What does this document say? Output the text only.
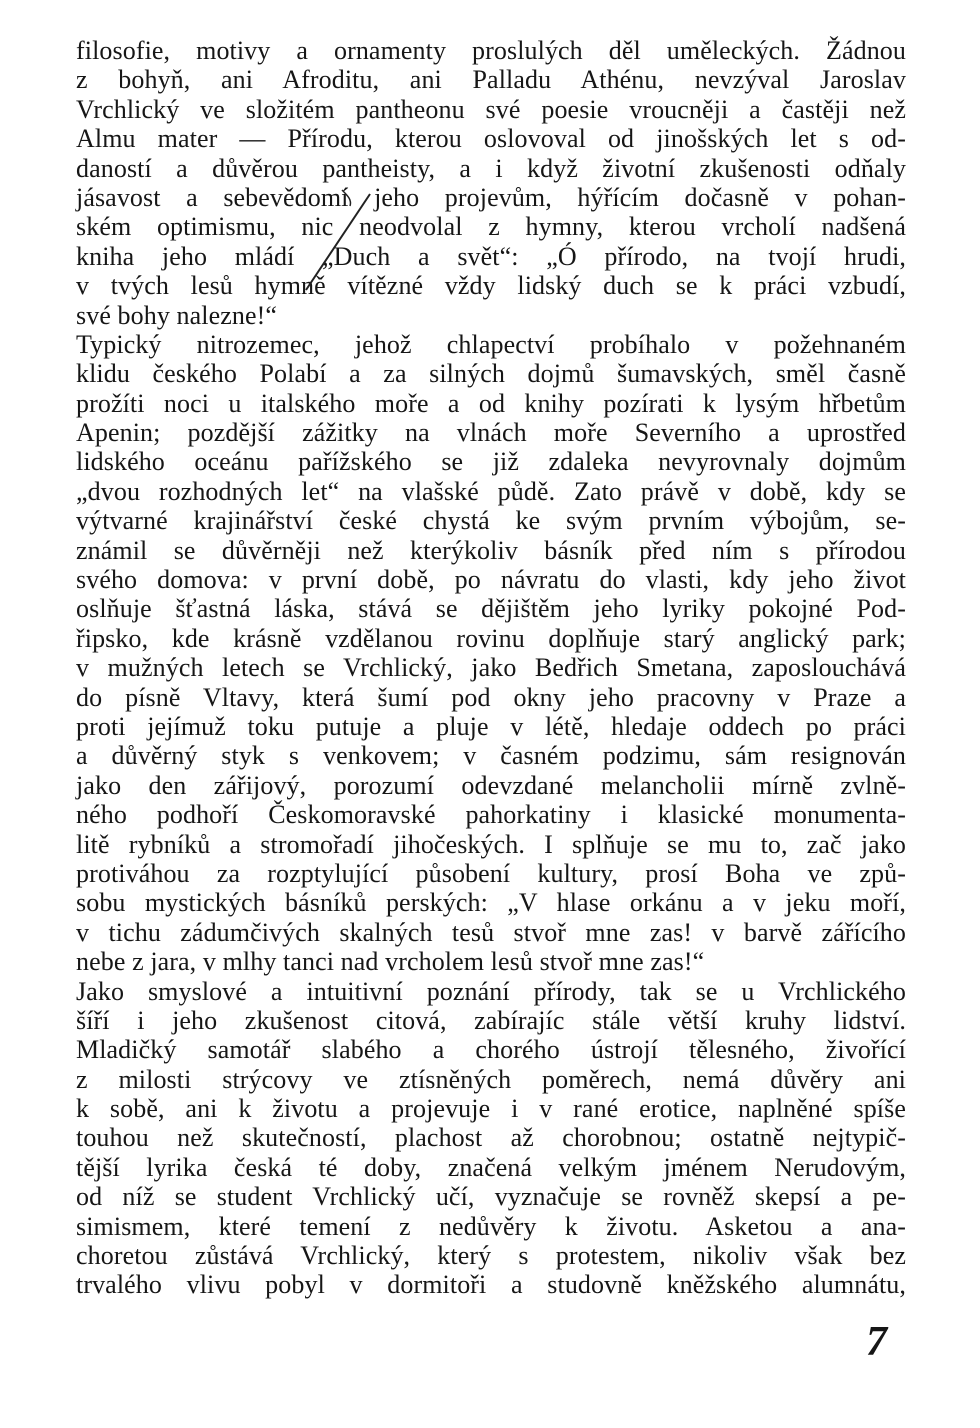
filosofie, motivy a ornamenty proslulých děl uměleckých. Žádnou
z bohyň, ani Afroditu, ani Palladu Athénu, nevzýval Jaroslav
Vrchlický ve složitém pantheonu své poesie vroucněji a častěji než
Almu mater — Přírodu, kterou oslovoval od jinošských let s od-
daností a důvěrou pantheisty, a i když životní zkušenosti odňaly
jásavost a sebevědomí jeho projevům, hýřícím dočasně v pohan-
ském optimismu, nic neodvolal z hymny, kterou vrcholí nadšená
kniha jeho mládí „Duch a svět“: „Ó přírodo, na tvojí hrudi,
v tvých lesů hymně vítězné vždy lidský duch se k práci vzbudí,
své bohy nalezne!“
Typický nitrozemec, jehož chlapectví probíhalo v požehnaném
klidu českého Polabí a za silných dojmů šumavských, směl časně
prožíti noci u italského moře a od knihy pozírati k lysým hřbetům
Apenin; pozdější zážitky na vlnách moře Severního a uprostřed
lidského oceánu pařížského se již zdaleka nevyrovnaly dojmům
„dvou rozhodných let“ na vlašské půdě. Zato právě v době, kdy se
výtvarné krajinářství české chystá ke svým prvním výbojům, se-
známil se důvěrněji než kterýkoliv básník před ním s přírodou
svého domova: v první době, po návratu do vlasti, kdy jeho život
oslňuje šťastná láska, stává se dějištěm jeho lyriky pokojné Pod-
řipsko, kde krásně vzdělanou rovinu doplňuje starý anglický park;
v mužných letech se Vrchlický, jako Bedřich Smetana, zaposlouchává
do písně Vltavy, která šumí pod okny jeho pracovny v Praze a
proti jejímuž toku putuje a pluje v létě, hledaje oddech po práci
a důvěrný styk s venkovem; v časném podzimu, sám resignován
jako den zářijový, porozumí odevzdané melancholii mírně zvlně-
ného podhoří Českomoravské pahorkatiny i klasické monumenta-
litě rybníků a stromořadí jihočeských. I splňuje se mu to, zač jako
protiváhou za rozptylující působení kultury, prosí Boha ve způ-
sobu mystických básníků perských: „V hlase orkánu a v jeku moří,
v tichu zádumčivých skalných tesů stvoř mne zas! v barvě zářícího
nebe z jara, v mlhy tanci nad vrcholem lesů stvoř mne zas!“
Jako smyslové a intuitivní poznání přírody, tak se u Vrchlického
šíří i jeho zkušenost citová, zabírajíc stále větší kruhy lidství.
Mladičký samotář slabého a chorého ústrojí tělesného, živořící
z milosti strýcovy ve ztísněných poměrech, nemá důvěry ani
k sobě, ani k životu a projevuje i v rané erotice, naplněné spíše
touhou než skutečností, plachost až chorobnou; ostatně nejtypič-
tější lyrika česká té doby, značená velkým jménem Nerudovým,
od níž se student Vrchlický učí, vyznačuje se rovněž skepsí a pe-
simismem, které temení z nedůvěry k životu. Asketou a ana-
choretou zůstává Vrchlický, který s protestem, nikoliv však bez
trvalého vlivu pobyl v dormitoři a studovně kněžského alumnátu,
7
